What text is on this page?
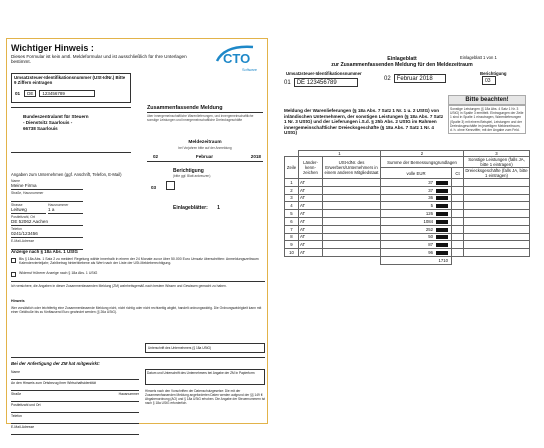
Wichtiger Hinweis :
Dieses Formular ist kein amtl. Meldeformular und ist ausschließlich für Ihre Unterlagen bestimmt.	CTO
Software
Umsatzsteuer-Identifikationsnummer (USt-IdNr.) Bitte 9 Ziffern eintragen
01	DE	123456789
Bundeszentralamt für Steuern
- Dienstsitz Saarlouis -
66738 Saarlouis
Zusammenfassende Meldung
über innergemeinschaftliche Warenlieferungen, und innergemeinschaftliche sonstige Leistungen und innergemeinschaftliche Dreiecksgeschäfte
Meldezeitraum
bei Vorjahren bitte auf der Anmeldung
02	Februar	2018
Berichtigung
(bitte ggf. Blatt ankreuzen)
03
Einlageblätter: 1
Angaben zum Unternehmen (ggf. Anschrift, Telefon, E-Mail)
Name
Meine Firma
Straße, Hausnummer
Strasse
Leitweg
Hausnummer
1 a
Postleitzahl, Ort
DE 52062 Aachen
Telefon
0241/123456
E-Mail-Adresse
Anzeige nach § 18a Abs. 1 UStG
Bis § 18a Abs. 1 Satz 2 zu melden! Regelung wähle innerhalb in einem der 24 Monate zuvor über 50.000 Euro Umsatz überschritten: Anmeldungszeitraum Kalendervierteljahr; Zahlbetrag hinterbliebene als Wert nach der Liste der USt-Meldeberechtigung.
Widerruf früherer Anzeige nach § 18a Abs. 1 UStG
Ich versichere, die Angaben in dieser Zusammenfassenden Meldung (ZM) wahrheitsgemäß nach bestem Wissen und Gewissen gemacht zu haben.
Hinweis
Wer vorsätzlich oder leichtfertig eine Zusammenfassende Meldung nicht, nicht richtig oder nicht rechtzeitig abgibt, handelt ordnungswidrig. Die Ordnungswidrigkeit kann mit einer Geldbuße bis zu fünftausend Euro geahndet werden (§ 26a UStG).
Unterschrift des Unternehmers (§ 18a UStG)
Bei der Anfertigung der ZM hat mitgewirkt:
Name
An den Hinweis zum Ortsbezug ihrer Wirtschaftsidentität
Straße	Hausnummer
Postleitzahl und Ort
Telefon
E-Mail-Adresse
Datum und Unterschrift des Unternehmers bei Angabe der ZM in Papierform
Hinweis nach den Vorschriften der Datenschutzgesetze: Die mit der Zusammenfassenden Meldung angeforderten Daten werden aufgrund der §§ 149 ff. Abgabenordnung (AO) und § 18a UStG erhoben. Die Angabe der Steuernummern ist nach § 18a UStG erforderlich.
Einlageblatt
zur Zusammenfassenden Meldung für den Meldezeitraum
Einlageblatt 1 von 1
Umsatzsteuer-Identifikationsnummer
01	DE 123456789
02	Februar 2018
Berichtigung
03
Bitte beachten!
Sonstige Leistungen (§ 18a Abs. 4 Satz 1 Nr. 3 UStG) in Spalte 3 ermittelt. Eintragungen der Zeile 1 sind in Spalte 1 einzutragen, Warenlieferungen (Spalte 3) mit einem Beispiel, Leistungen und der Dreiecksgeschäfte im jeweiligen Meldezeitraum, d. h. ohne Kennziffer, mit der Angabe zum Feld.
Meldung der Warenlieferungen (§ 18a Abs. 7 Satz 1 Nr. 1 u. 2 UStG) von inländischen Unternehmern, der sonstigen Leistungen (§ 18a Abs. 7 Satz 1 Nr. 3 UStG) und der Lieferungen i.S.d. § 25b Abs. 2 UStG im Rahmen innergemeinschaftlicher Dreiecksgeschäfte (§ 18a Abs. 7 Satz 1 Nr. 4 UStG)
	1		2		3
Zeile	Länder-kenn-zeichen	USt-IdNr. des Erwerbers/Unternehmers in einem anderen Mitgliedstaat	Summe der Bemessungsgrundlagen		Sonstige Leistungen (falls JA, bitte 1 eintragen)
			volle EUR	Ct	Dreiecksgeschäfte (falls JA, bitte 1 eintragen)
1	AT		37		
2	AT		37		
3	AT		36		
4	AT		5		
5	AT		126		
6	AT		1084		
7	AT		252		
8	AT		50		
9	AT		87		
10	AT		96		
			1710		
